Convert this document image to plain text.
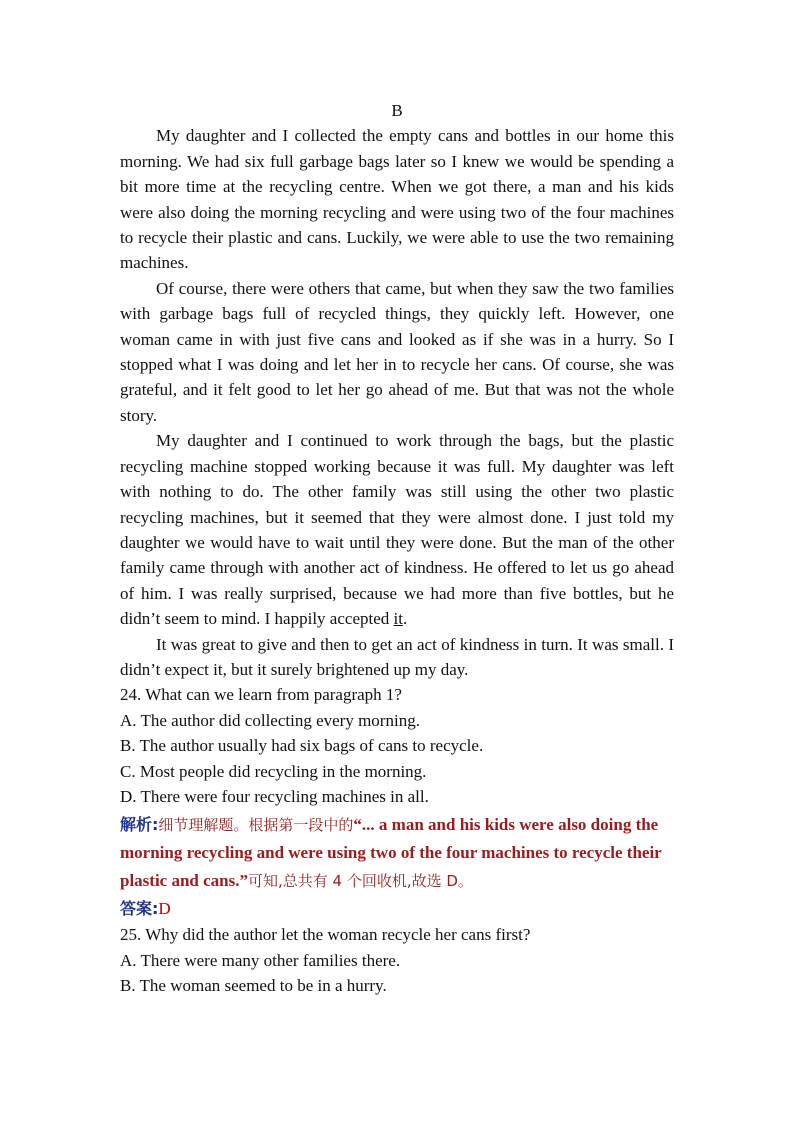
B

My daughter and I collected the empty cans and bottles in our home this morning. We had six full garbage bags later so I knew we would be spending a bit more time at the recycling centre. When we got there, a man and his kids were also doing the morning recycling and were using two of the four machines to recycle their plastic and cans. Luckily, we were able to use the two remaining machines.

Of course, there were others that came, but when they saw the two families with garbage bags full of recycled things, they quickly left. However, one woman came in with just five cans and looked as if she was in a hurry. So I stopped what I was doing and let her in to recycle her cans. Of course, she was grateful, and it felt good to let her go ahead of me. But that was not the whole story.

My daughter and I continued to work through the bags, but the plastic recycling machine stopped working because it was full. My daughter was left with nothing to do. The other family was still using the other two plastic recycling machines, but it seemed that they were almost done. I just told my daughter we would have to wait until they were done. But the man of the other family came through with another act of kindness. He offered to let us go ahead of him. I was really surprised, because we had more than five bottles, but he didn’t seem to mind. I happily accepted it.

It was great to give and then to get an act of kindness in turn. It was small. I didn’t expect it, but it surely brightened up my day.

24. What can we learn from paragraph 1?

A. The author did collecting every morning.

B. The author usually had six bags of cans to recycle.

C. Most people did recycling in the morning.

D. There were four recycling machines in all.

解析:细节理解题。根据第一段中的“... a man and his kids were also doing the morning recycling and were using two of the four machines to recycle their plastic and cans.”可知,总共有 4 个回收机,故选 D。

答案:D

25. Why did the author let the woman recycle her cans first?

A. There were many other families there.

B. The woman seemed to be in a hurry.
